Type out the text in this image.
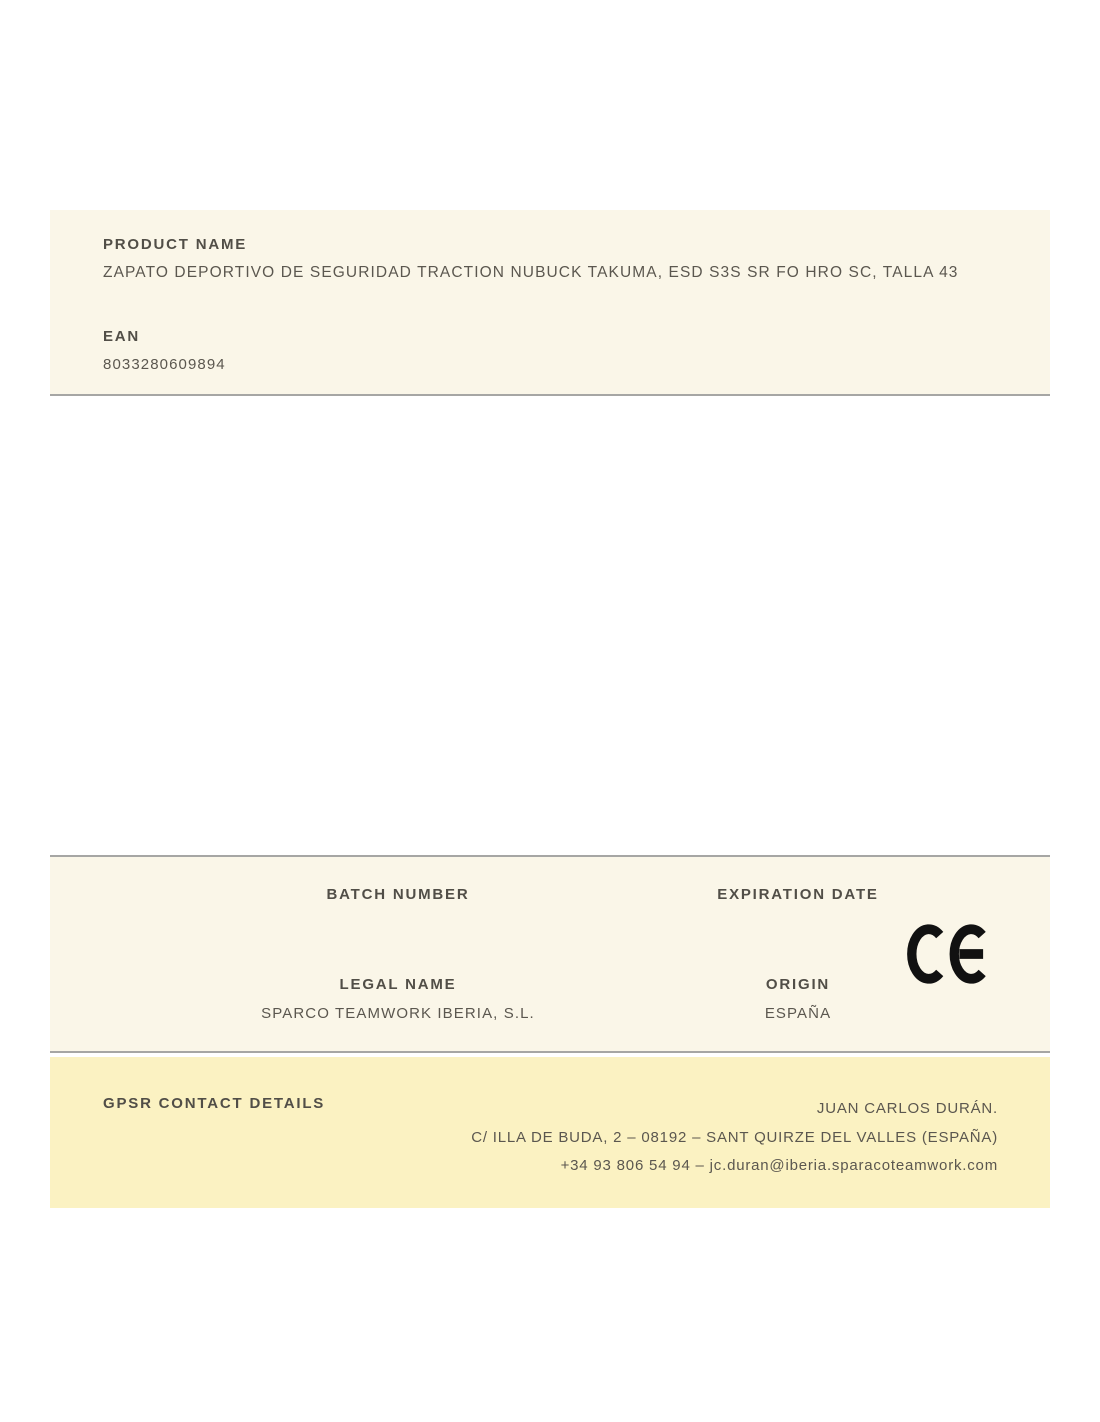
PRODUCT NAME
ZAPATO DEPORTIVO DE SEGURIDAD TRACTION NUBUCK TAKUMA, ESD S3S SR FO HRO SC, TALLA 43
EAN
8033280609894
BATCH NUMBER	EXPIRATION DATE
LEGAL NAME
SPARCO TEAMWORK IBERIA, S.L.
ORIGIN
ESPAÑA
GPSR CONTACT DETAILS	JUAN CARLOS DURÁN.
C/ ILLA DE BUDA, 2 – 08192 – SANT QUIRZE DEL VALLES (ESPAÑA)
+34 93 806 54 94 – jc.duran@iberia.sparacoteamwork.com
